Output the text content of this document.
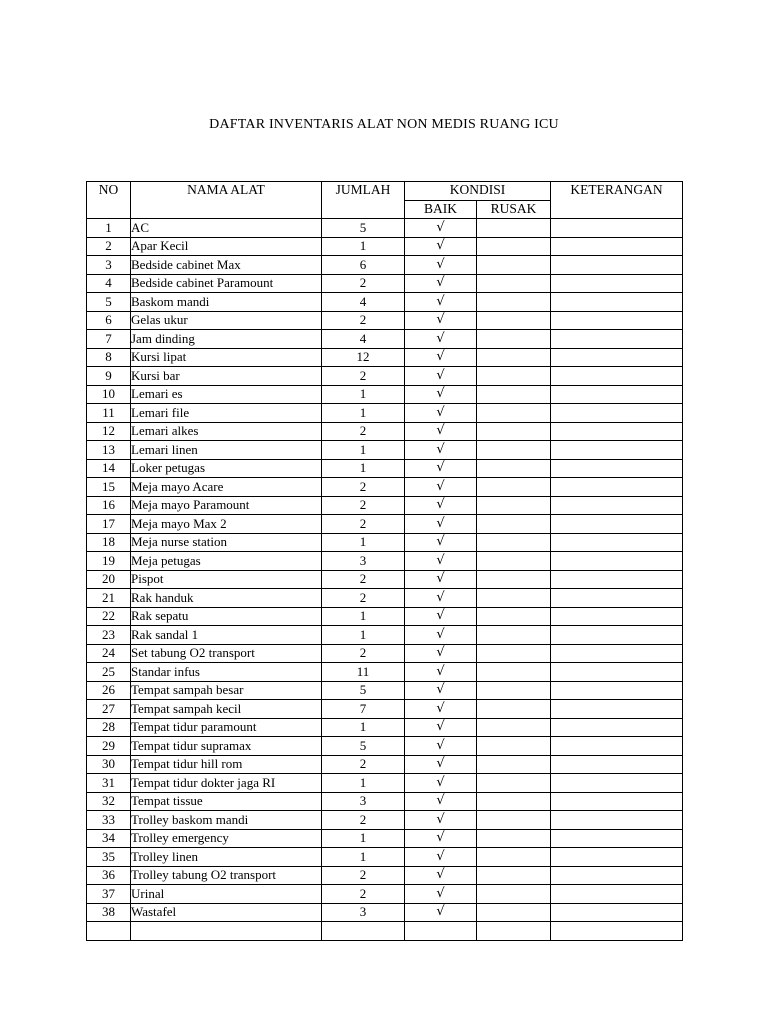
DAFTAR INVENTARIS ALAT NON MEDIS RUANG ICU
NO	NAMA ALAT	JUMLAH	KONDISI		KETERANGAN
			BAIK	RUSAK	
1	AC	5	√		
2	Apar Kecil	1	√		
3	Bedside cabinet Max	6	√		
4	Bedside cabinet Paramount	2	√		
5	Baskom mandi	4	√		
6	Gelas ukur	2	√		
7	Jam dinding	4	√		
8	Kursi lipat	12	√		
9	Kursi bar	2	√		
10	Lemari es	1	√		
11	Lemari file	1	√		
12	Lemari alkes	2	√		
13	Lemari linen	1	√		
14	Loker petugas	1	√		
15	Meja mayo Acare	2	√		
16	Meja mayo Paramount	2	√		
17	Meja mayo Max 2	2	√		
18	Meja nurse station	1	√		
19	Meja petugas	3	√		
20	Pispot	2	√		
21	Rak handuk	2	√		
22	Rak sepatu	1	√		
23	Rak sandal 1	1	√		
24	Set tabung O2 transport	2	√		
25	Standar infus	11	√		
26	Tempat sampah besar	5	√		
27	Tempat sampah kecil	7	√		
28	Tempat tidur paramount	1	√		
29	Tempat tidur supramax	5	√		
30	Tempat tidur hill rom	2	√		
31	Tempat tidur dokter jaga RI	1	√		
32	Tempat tissue	3	√		
33	Trolley baskom mandi	2	√		
34	Trolley emergency	1	√		
35	Trolley linen	1	√		
36	Trolley tabung O2 transport	2	√		
37	Urinal	2	√		
38	Wastafel	3	√		
